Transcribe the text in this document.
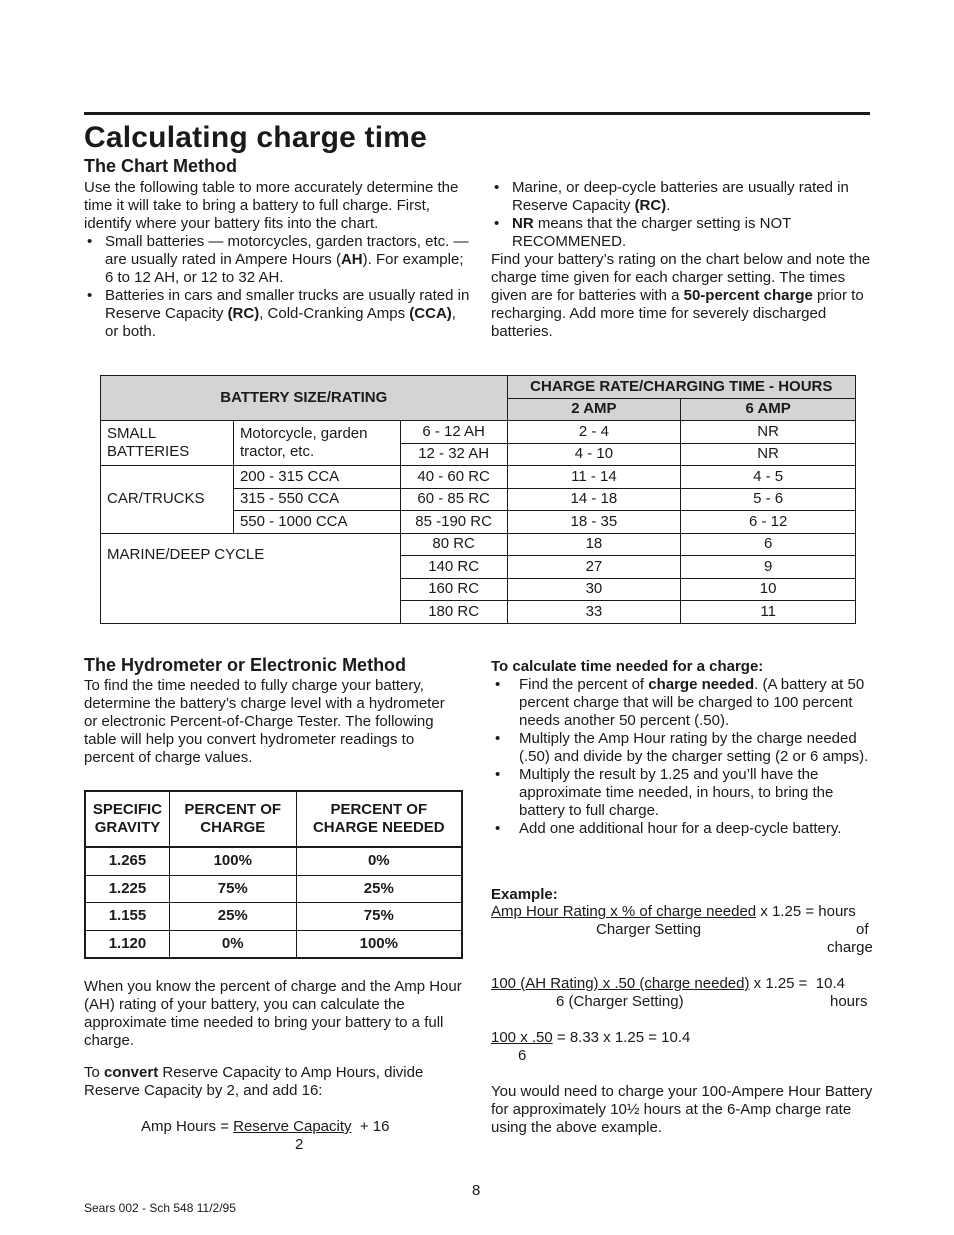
Calculating charge time
The Chart Method

Use the following table to more accurately determine the time it will take to bring a battery to full charge. First, identify where your battery fits into the chart.

• Small batteries — motorcycles, garden tractors, etc. — are usually rated in Ampere Hours (AH). For example; 6 to 12 AH, or 12 to 32 AH.
• Batteries in cars and smaller trucks are usually rated in Reserve Capacity (RC), Cold-Cranking Amps (CCA), or both.
• Marine, or deep-cycle batteries are usually rated in Reserve Capacity (RC).
• NR means that the charger setting is NOT RECOMMENED.

Find your battery’s rating on the chart below and note the charge time given for each charger setting. The times given are for batteries with a 50-percent charge prior to recharging. Add more time for severely discharged batteries.

BATTERY SIZE/RATING			CHARGE RATE/CHARGING TIME - HOURS	
			2 AMP	6 AMP
SMALL BATTERIES	Motorcycle, garden tractor, etc.	6 - 12 AH	2 - 4	NR
		12 - 32 AH	4 - 10	NR
CAR/TRUCKS	200 - 315 CCA	40 - 60 RC	11 - 14	4 - 5
	315 - 550 CCA	60 - 85 RC	14 - 18	5 - 6
	550 - 1000 CCA	85 -190 RC	18 - 35	6 - 12
MARINE/DEEP CYCLE		80 RC	18	6
		140 RC	27	9
		160 RC	30	10
		180 RC	33	11
The Hydrometer or Electronic Method
To find the time needed to fully charge your battery, determine the battery’s charge level with a hydrometer or electronic Percent-of-Charge Tester. The following table will help you convert hydrometer readings to percent of charge values.
SPECIFIC GRAVITY	PERCENT OF CHARGE	PERCENT OF CHARGE NEEDED
1.265	100%	0%
1.225	75%	25%
1.155	25%	75%
1.120	0%	100%
When you know the percent of charge and the Amp Hour (AH) rating of your battery, you can calculate the approximate time needed to bring your battery to a full charge.
To convert Reserve Capacity to Amp Hours, divide Reserve Capacity by 2, and add 16:
Amp Hours = Reserve Capacity  + 16
2
To calculate time needed for a charge:
• Find the percent of charge needed. (A battery at 50 percent charge that will be charged to 100 percent needs another 50 percent (.50).
• Multiply the Amp Hour rating by the charge needed (.50) and divide by the charger setting (2 or 6 amps).
• Multiply the result by 1.25 and you’ll have the approximate time needed, in hours, to bring the battery to full charge.
• Add one additional hour for a deep-cycle battery.
Example:
Amp Hour Rating x % of charge needed x 1.25 = hours
Charger Setting	of
charge
100 (AH Rating) x .50 (charge needed) x 1.25 =  10.4
6 (Charger Setting)	hours
100 x .50 = 8.33 x 1.25 = 10.4
6
You would need to charge your 100-Ampere Hour Battery for approximately 10½ hours at the 6-Amp charge rate using the above example.
8
Sears 002 - Sch 548 11/2/95
